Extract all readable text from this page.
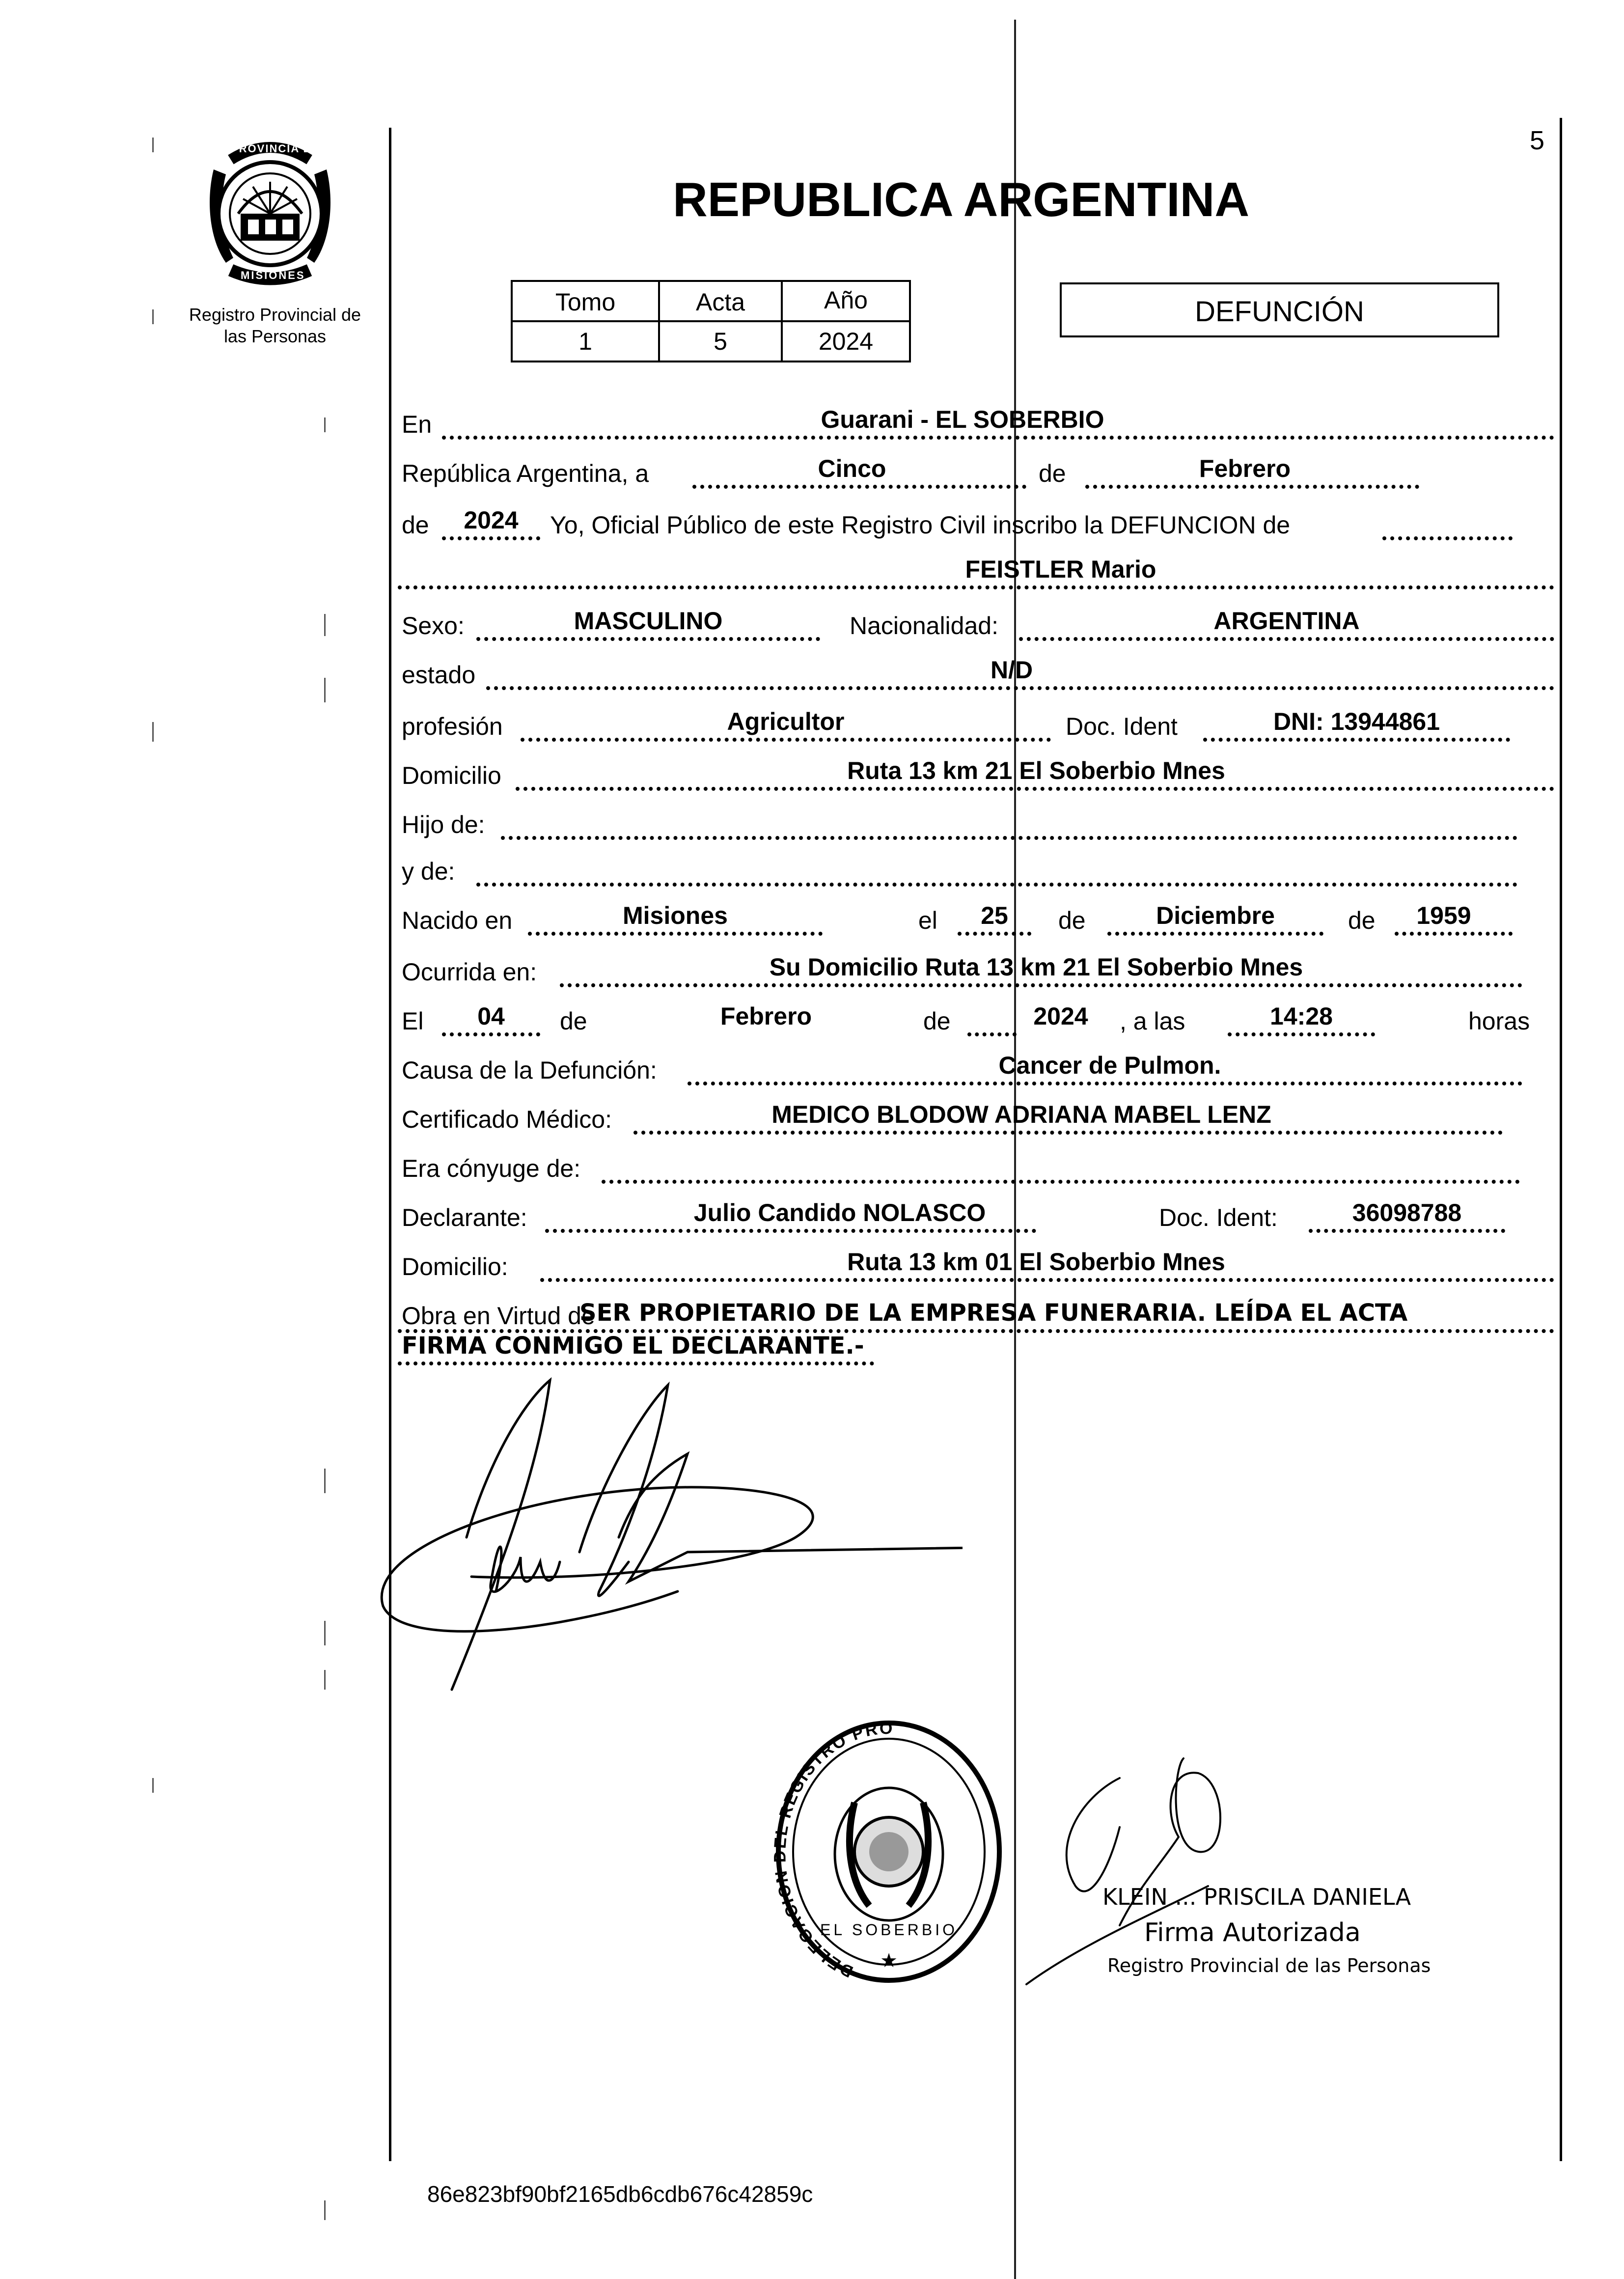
5
PROVINCIA DE
MISIONES
Registro Provincial de
las Personas
REPUBLICA ARGENTINA
Tomo	Acta	Año
1	5	2024
DEFUNCIÓN
En	Guarani - EL SOBERBIO
República Argentina, a	Cinco	de	Febrero
de	2024	Yo, Oficial Público de este Registro Civil inscribo la DEFUNCION de
FEISTLER Mario
Sexo:	MASCULINO	Nacionalidad:	ARGENTINA
estado	N/D
profesión	Agricultor	Doc. Ident	DNI: 13944861
Domicilio	Ruta 13 km 21 El Soberbio Mnes
Hijo de:
y de:
Nacido en	Misiones	el	25	de	Diciembre	de	1959
Ocurrida en:	Su Domicilio Ruta 13 km 21 El Soberbio Mnes
El	04	de	Febrero	de	2024	, a las	14:28	horas
Causa de la Defunción:	Cancer de Pulmon.
Certificado Médico:	MEDICO BLODOW ADRIANA MABEL LENZ
Era cónyuge de:
Declarante:	Julio Candido NOLASCO	Doc. Ident:	36098788
Domicilio:	Ruta 13 km 01 El Soberbio Mnes
Obra en Virtud de
SER PROPIETARIO DE LA EMPRESA FUNERARIA. LEÍDA EL ACTA
FIRMA CONMIGO EL DECLARANTE.-
DELEGACION DEL REGISTRO PRO
EL SOBERBIO
★
KLEIN ... PRISCILA DANIELA
Firma Autorizada
Registro Provincial de las Personas
86e823bf90bf2165db6cdb676c42859c
